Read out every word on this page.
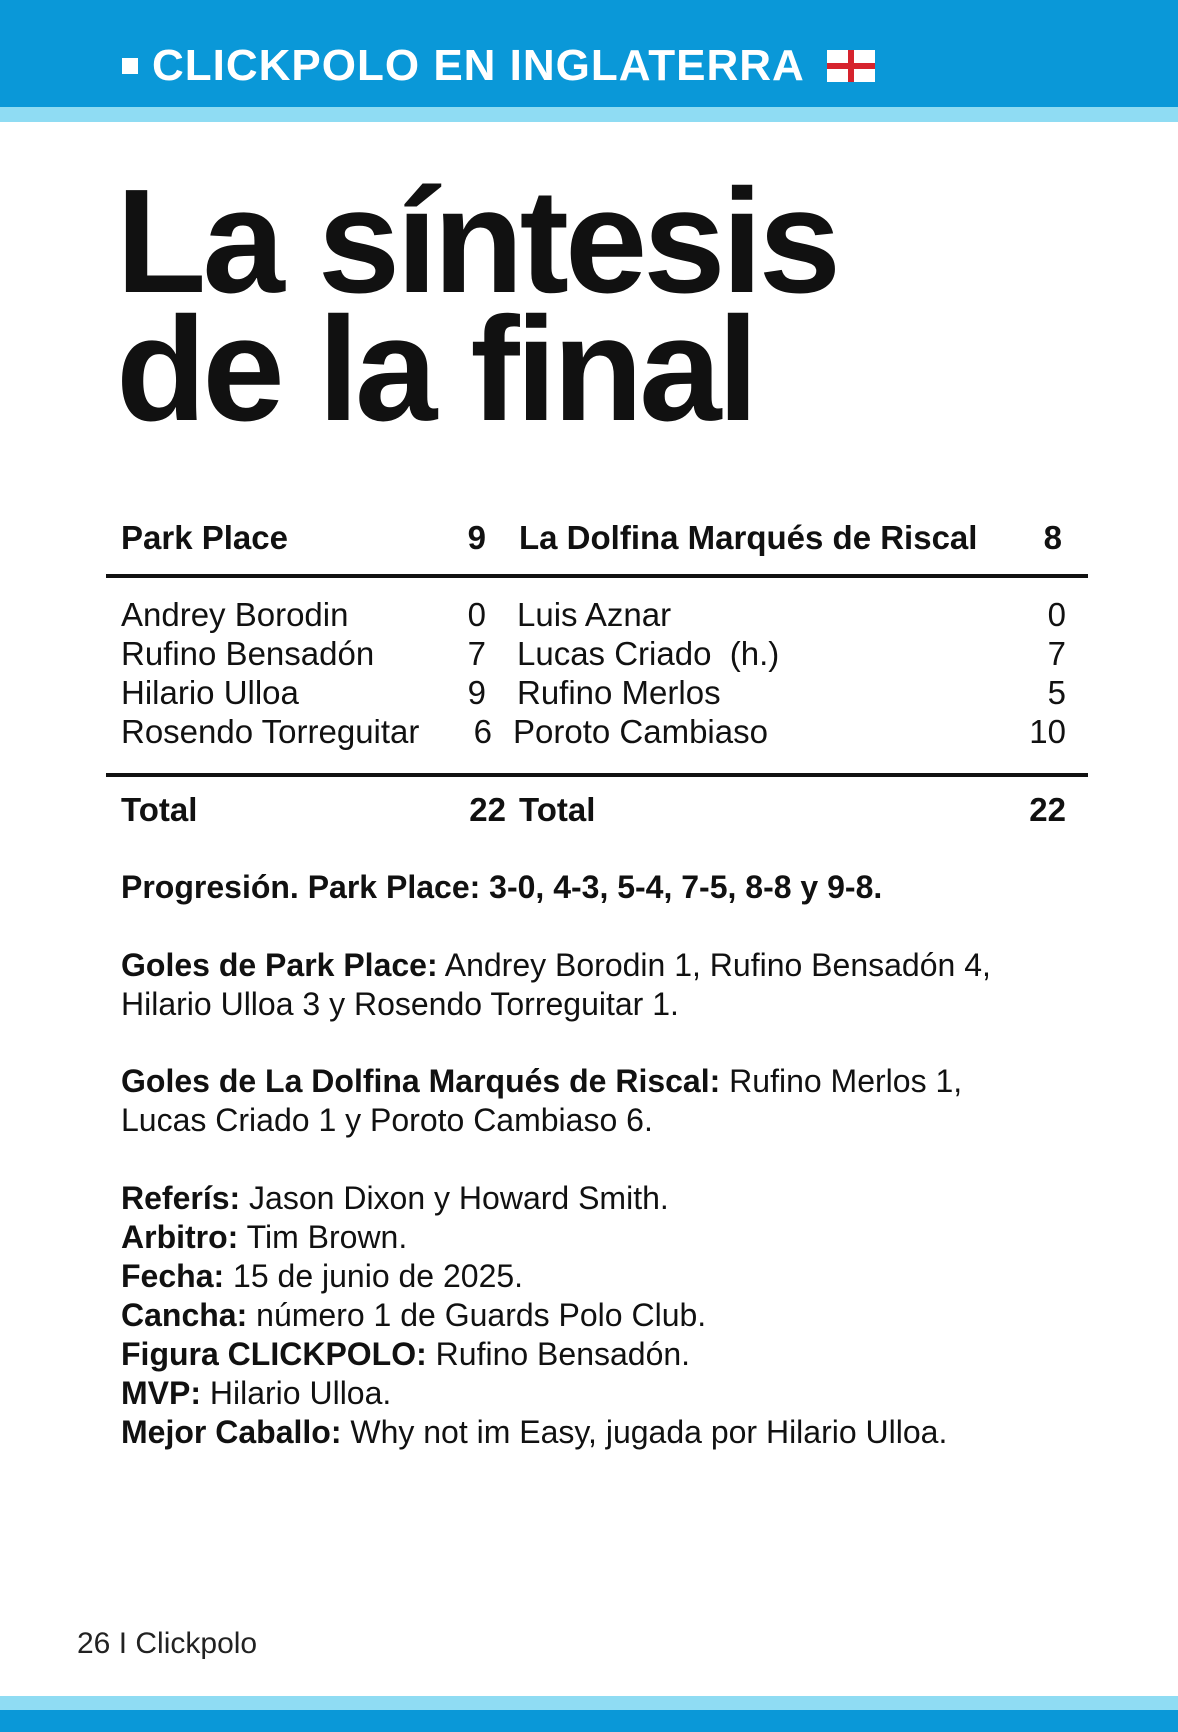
CLICKPOLO EN INGLATERRA
La síntesis
de la final
Park Place	9 La Dolfina Marqués de Riscal	8
Andrey Borodin	0 Luis Aznar	0
Rufino Bensadón	7 Lucas Criado  (h.)	7
Hilario Ulloa	9 Rufino Merlos	5
Rosendo Torreguitar	6 Poroto Cambiaso	10
Total	22 Total	22
Progresión. Park Place: 3-0, 4-3, 5-4, 7-5, 8-8 y 9-8.
Goles de Park Place: Andrey Borodin 1, Rufino Bensadón 4,
Hilario Ulloa 3 y Rosendo Torreguitar 1.
Goles de La Dolfina Marqués de Riscal: Rufino Merlos 1,
Lucas Criado 1 y Poroto Cambiaso 6.
Referís: Jason Dixon y Howard Smith.
Arbitro: Tim Brown.
Fecha: 15 de junio de 2025.
Cancha: número 1 de Guards Polo Club.
Figura CLICKPOLO: Rufino Bensadón.
MVP: Hilario Ulloa.
Mejor Caballo: Why not im Easy, jugada por Hilario Ulloa.
26 I Clickpolo
